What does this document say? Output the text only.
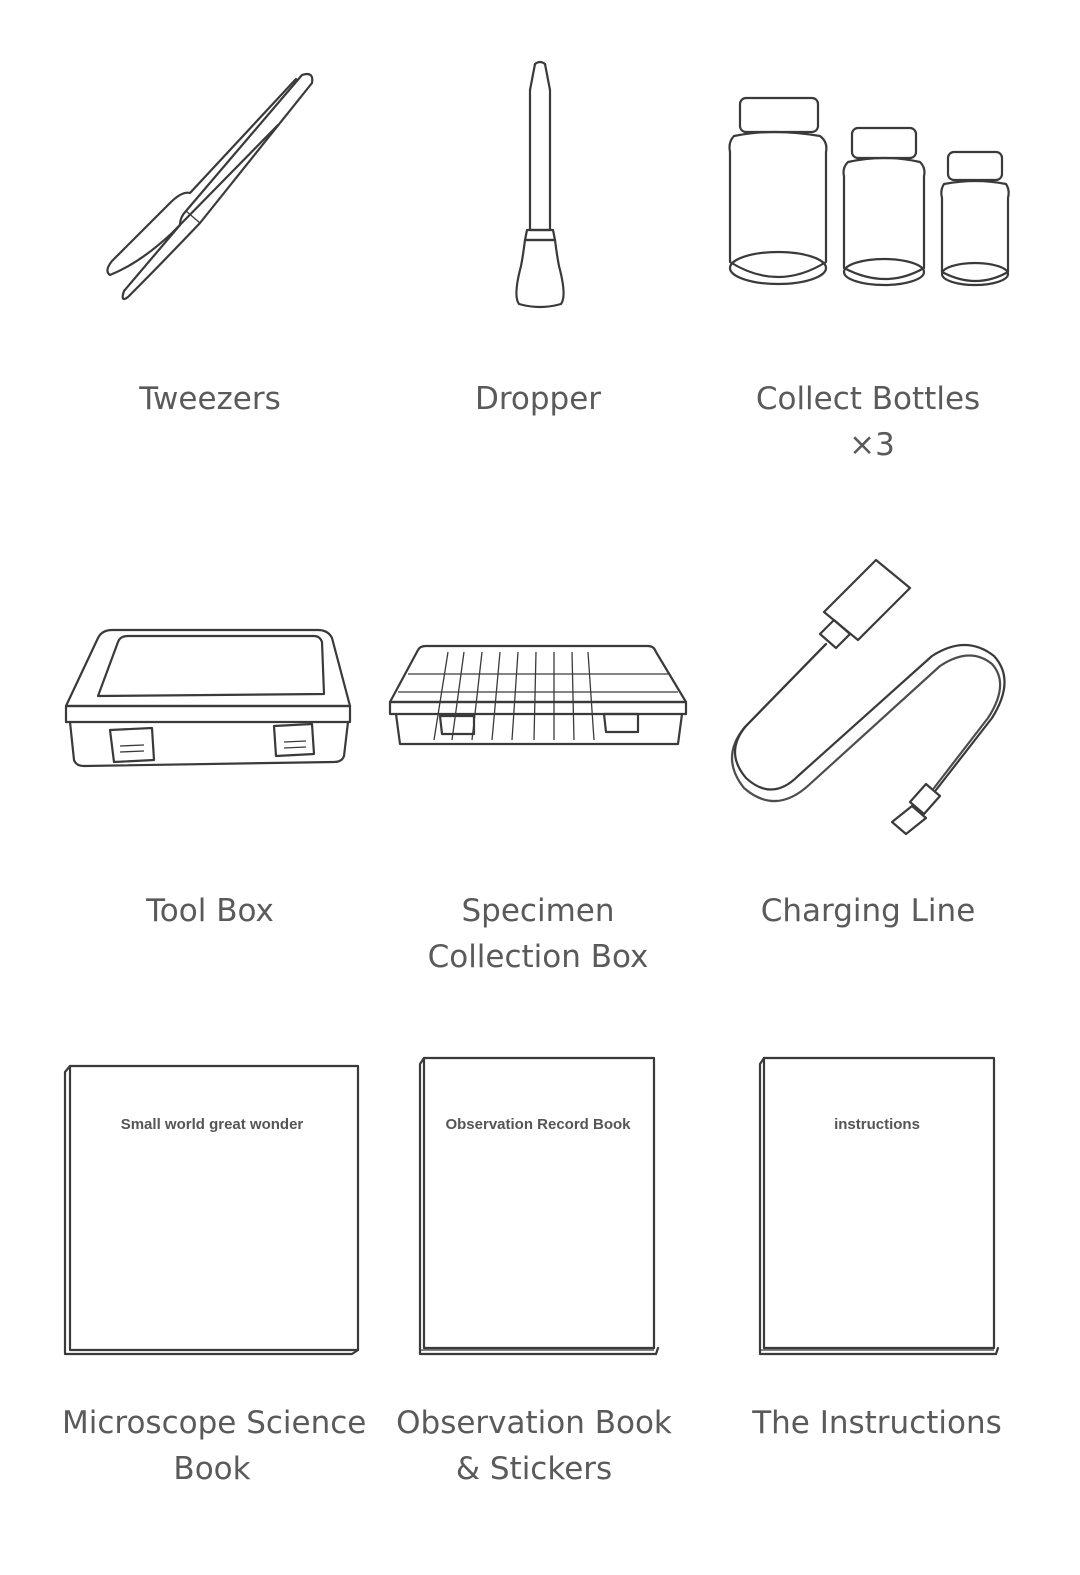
Tweezers	Dropper	Collect Bottles
×3
Tool Box	Specimen
Collection Box
Charging Line
Small world great wonder
Microscope Science
Book
Observation Record Book
Observation Book
& Stickers
instructions
The Instructions
